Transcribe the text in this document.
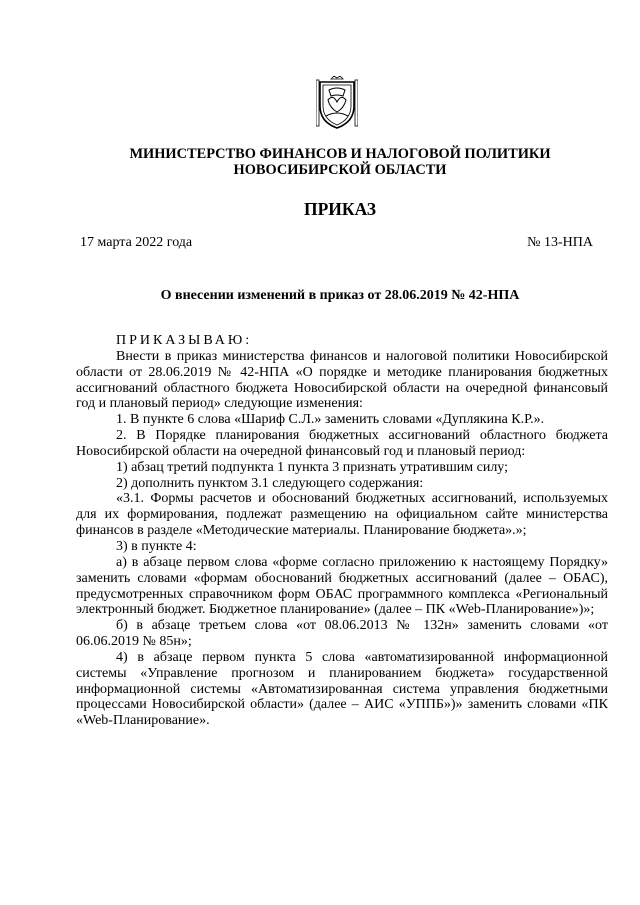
МИНИСТЕРСТВО ФИНАНСОВ И НАЛОГОВОЙ ПОЛИТИКИ
НОВОСИБИРСКОЙ ОБЛАСТИ
ПРИКАЗ
17 марта 2022 года	№ 13-НПА
О внесении изменений в приказ от 28.06.2019 № 42-НПА

ПРИКАЗЫВАЮ:

Внести в приказ министерства финансов и налоговой политики Новосибирской области от 28.06.2019 № 42-НПА «О порядке и методике планирования бюджетных ассигнований областного бюджета Новосибирской области на очередной финансовый год и плановый период» следующие изменения:

1. В пункте 6 слова «Шариф С.Л.» заменить словами «Дуплякина К.Р.».

2. В Порядке планирования бюджетных ассигнований областного бюджета Новосибирской области на очередной финансовый год и плановый период:

1) абзац третий подпункта 1 пункта 3 признать утратившим силу;

2) дополнить пунктом 3.1 следующего содержания:

«3.1. Формы расчетов и обоснований бюджетных ассигнований, используемых для их формирования, подлежат размещению на официальном сайте министерства финансов в разделе «Методические материалы. Планирование бюджета».»;

3) в пункте 4:

а) в абзаце первом слова «форме согласно приложению к настоящему Порядку» заменить словами «формам обоснований бюджетных ассигнований (далее – ОБАС), предусмотренных справочником форм ОБАС программного комплекса «Региональный электронный бюджет. Бюджетное планирование» (далее – ПК «Web-Планирование»)»;

б) в абзаце третьем слова «от 08.06.2013 № 132н» заменить словами «от 06.06.2019 № 85н»;

4) в абзаце первом пункта 5 слова «автоматизированной информационной системы «Управление прогнозом и планированием бюджета» государственной информационной системы «Автоматизированная система управления бюджетными процессами Новосибирской области» (далее – АИС «УППБ»)» заменить словами «ПК «Web-Планирование».
